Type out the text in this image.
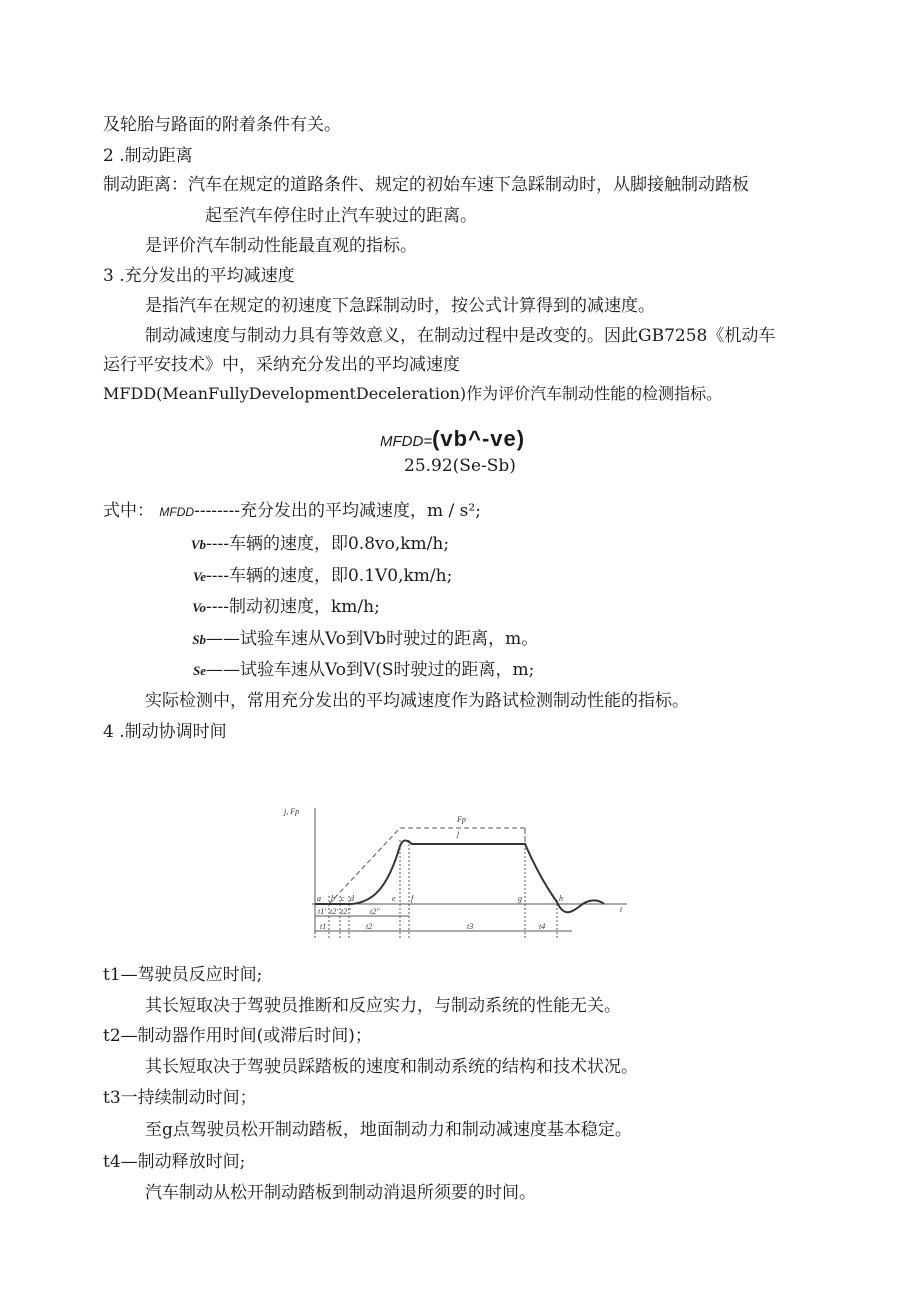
及轮胎与路面的附着条件有关。
2 .制动距离
制动距离：汽车在规定的道路条件、规定的初始车速下急踩制动时，从脚接触制动踏板
起至汽车停住时止汽车驶过的距离。
是评价汽车制动性能最直观的指标。
3 .充分发出的平均减速度
是指汽车在规定的初速度下急踩制动时，按公式计算得到的减速度。
制动减速度与制动力具有等效意义，在制动过程中是改变的。因此GB7258《机动车
运行平安技术》中，采纳充分发出的平均减速度
MFDD(MeanFullyDevelopmentDeceleration)作为评价汽车制动性能的检测指标。
MFDD=(vb^-ve)
25.92(Se-Sb)
式中： MFDD--------充分发出的平均减速度，m / s²;
Vb----车辆的速度，即0.8vo,km/h;
Ve----车辆的速度，即0.1V0,km/h;
Vo----制动初速度，km/h;
Sb——试验车速从Vo到Vb时驶过的距离，m。
Se——试验车速从Vo到V(S时驶过的距离，m;
实际检测中，常用充分发出的平均减速度作为路试检测制动性能的指标。
4 .制动协调时间
j, Fp
Fp
j
t
a b c d	e f	g	h
t1' t2' t2'' t2''
t1	t2	t3	t4
t1—驾驶员反应时间;
其长短取决于驾驶员推断和反应实力，与制动系统的性能无关。
t2—制动器作用时间(或滞后时间)；
其长短取决于驾驶员踩踏板的速度和制动系统的结构和技术状况。
t3一持续制动时间；
至g点驾驶员松开制动踏板，地面制动力和制动减速度基本稳定。
t4—制动释放时间;
汽车制动从松开制动踏板到制动消退所须要的时间。
